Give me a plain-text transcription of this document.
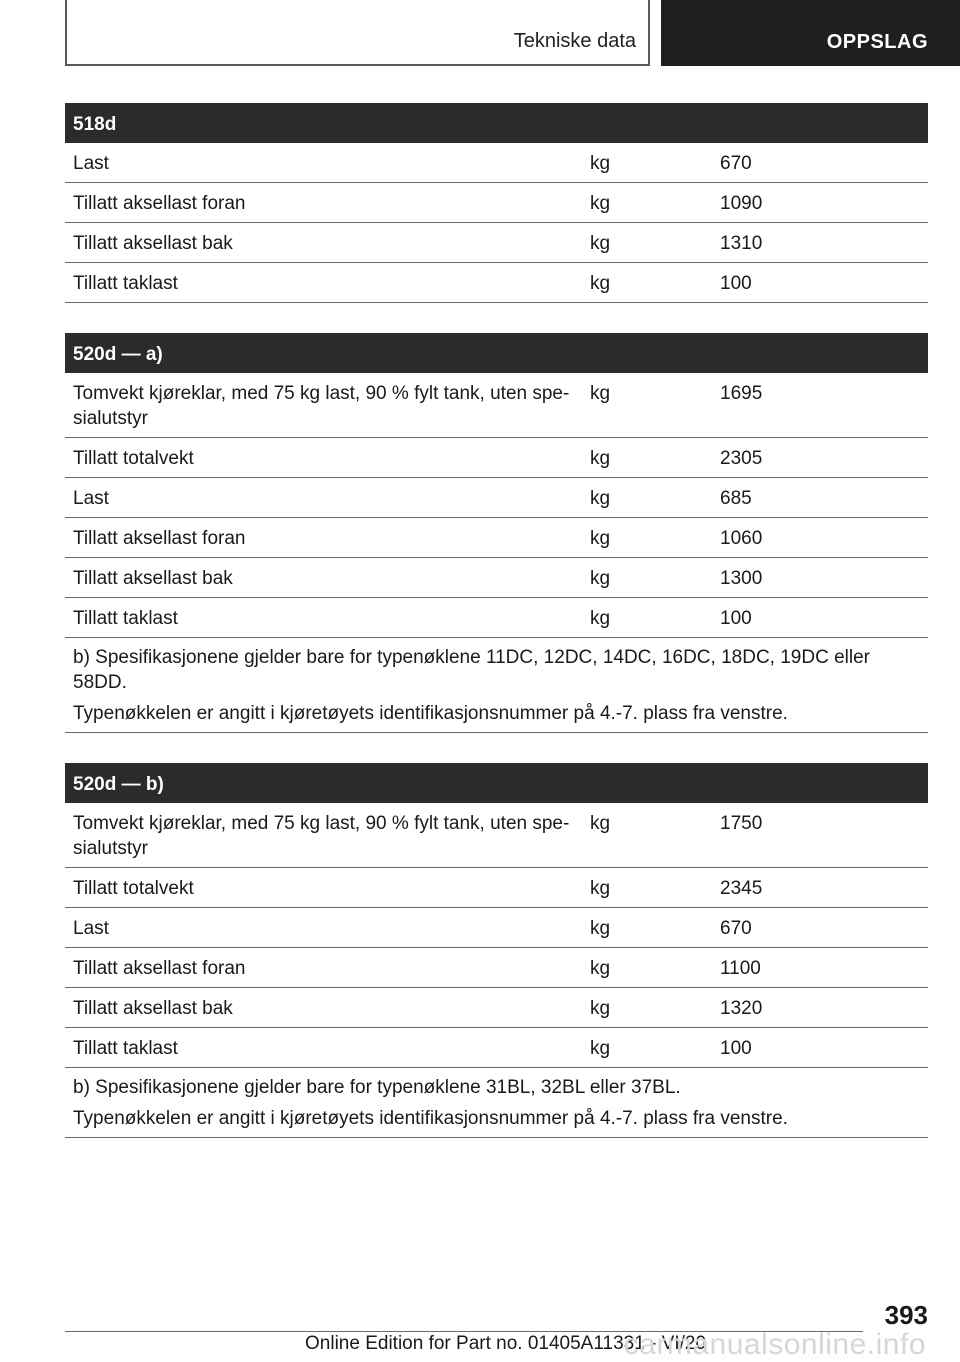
Tekniske data	OPPSLAG
518d
Last	kg	670
Tillatt aksellast foran	kg	1090
Tillatt aksellast bak	kg	1310
Tillatt taklast	kg	100
520d — a)
Tomvekt kjøreklar, med 75 kg last, 90 % fylt tank, uten spe-
sialutstyr
kg	1695
Tillatt totalvekt	kg	2305
Last	kg	685
Tillatt aksellast foran	kg	1060
Tillatt aksellast bak	kg	1300
Tillatt taklast	kg	100
b) Spesifikasjonene gjelder bare for typenøklene 11DC, 12DC, 14DC, 16DC, 18DC, 19DC eller 58DD.
Typenøkkelen er angitt i kjøretøyets identifikasjonsnummer på 4.-7. plass fra venstre.
520d — b)
Tomvekt kjøreklar, med 75 kg last, 90 % fylt tank, uten spe-
sialutstyr
kg	1750
Tillatt totalvekt	kg	2345
Last	kg	670
Tillatt aksellast foran	kg	1100
Tillatt aksellast bak	kg	1320
Tillatt taklast	kg	100
b) Spesifikasjonene gjelder bare for typenøklene 31BL, 32BL eller 37BL.
Typenøkkelen er angitt i kjøretøyets identifikasjonsnummer på 4.-7. plass fra venstre.
393
Online Edition for Part no. 01405A11331 - VI/20
carmanualsonline.info
